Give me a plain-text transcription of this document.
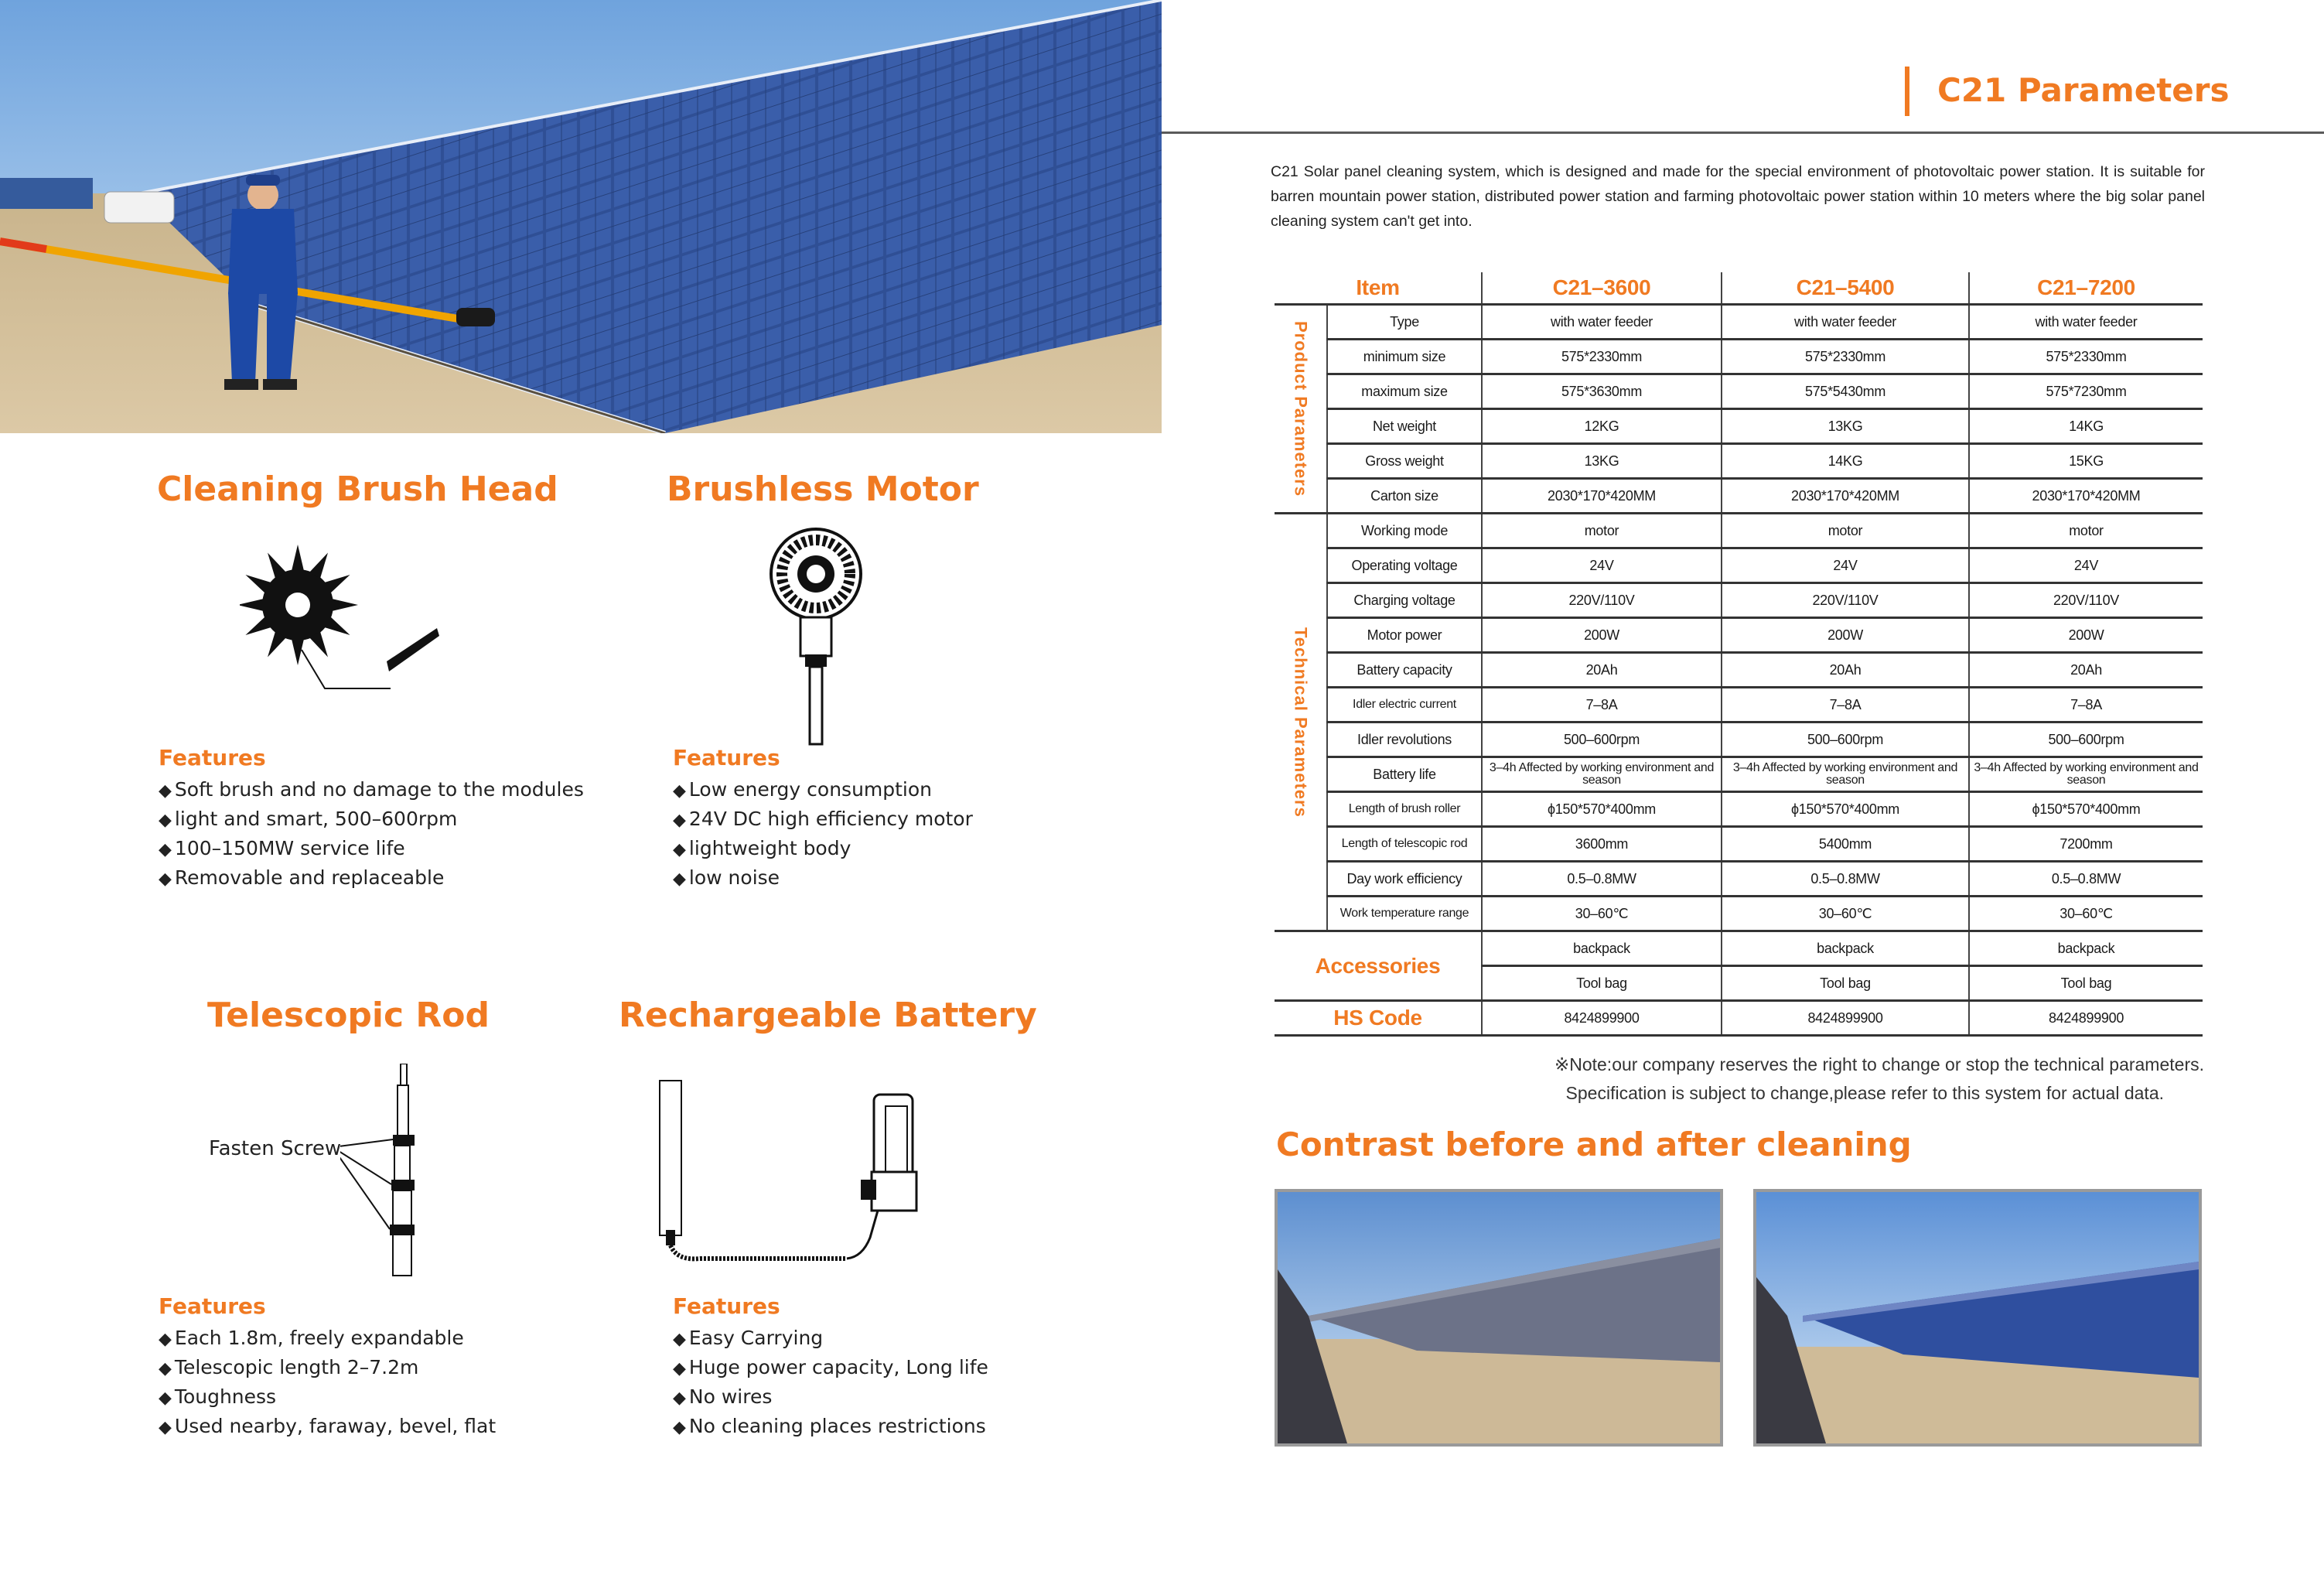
Cleaning Brush Head
Features
◆ Soft brush and no damage to the modules
◆ light and smart, 500–600rpm
◆ 100–150MW service life
◆ Removable and replaceable
Brushless Motor
Features
◆ Low energy consumption
◆ 24V DC high efficiency motor
◆ lightweight body
◆ low noise
Telescopic Rod
Fasten Screw
Features
◆ Each 1.8m, freely expandable
◆ Telescopic length 2–7.2m
◆ Toughness
◆ Used nearby, faraway, bevel, flat
Rechargeable Battery
Features
◆ Easy Carrying
◆ Huge power capacity, Long life
◆ No wires
◆ No cleaning places restrictions
C21 Parameters
C21 Solar panel cleaning system, which is designed and made for the special environment of photovoltaic power station. It is suitable for barren mountain power station, distributed power station and farming photovoltaic power station within 10 meters where the big solar panel cleaning system can't get into.
Item		C21–3600	C21–5400	C21–7200
Product Parameters	Type	with water feeder	with water feeder	with water feeder
	minimum size	575*2330mm	575*2330mm	575*2330mm
	maximum size	575*3630mm	575*5430mm	575*7230mm
	Net weight	12KG	13KG	14KG
	Gross weight	13KG	14KG	15KG
	Carton size	2030*170*420MM	2030*170*420MM	2030*170*420MM
Technical Parameters	Working mode	motor	motor	motor
	Operating voltage	24V	24V	24V
	Charging voltage	220V/110V	220V/110V	220V/110V
	Motor power	200W	200W	200W
	Battery capacity	20Ah	20Ah	20Ah
	Idler electric current	7–8A	7–8A	7–8A
	Idler revolutions	500–600rpm	500–600rpm	500–600rpm
	Battery life	3–4h Affected by working environment and season	3–4h Affected by working environment and season	3–4h Affected by working environment and season
	Length of brush roller	ϕ150*570*400mm	ϕ150*570*400mm	ϕ150*570*400mm
	Length of telescopic rod	3600mm	5400mm	7200mm
	Day work efficiency	0.5–0.8MW	0.5–0.8MW	0.5–0.8MW
	Work temperature range	30–60℃	30–60℃	30–60℃
Accessories		backpack	backpack	backpack
		Tool bag	Tool bag	Tool bag
HS Code		8424899900	8424899900	8424899900
※Note:our company reserves the right to change or stop the technical parameters.
Specification is subject to change,please refer to this system for actual data.
Contrast before and after cleaning
